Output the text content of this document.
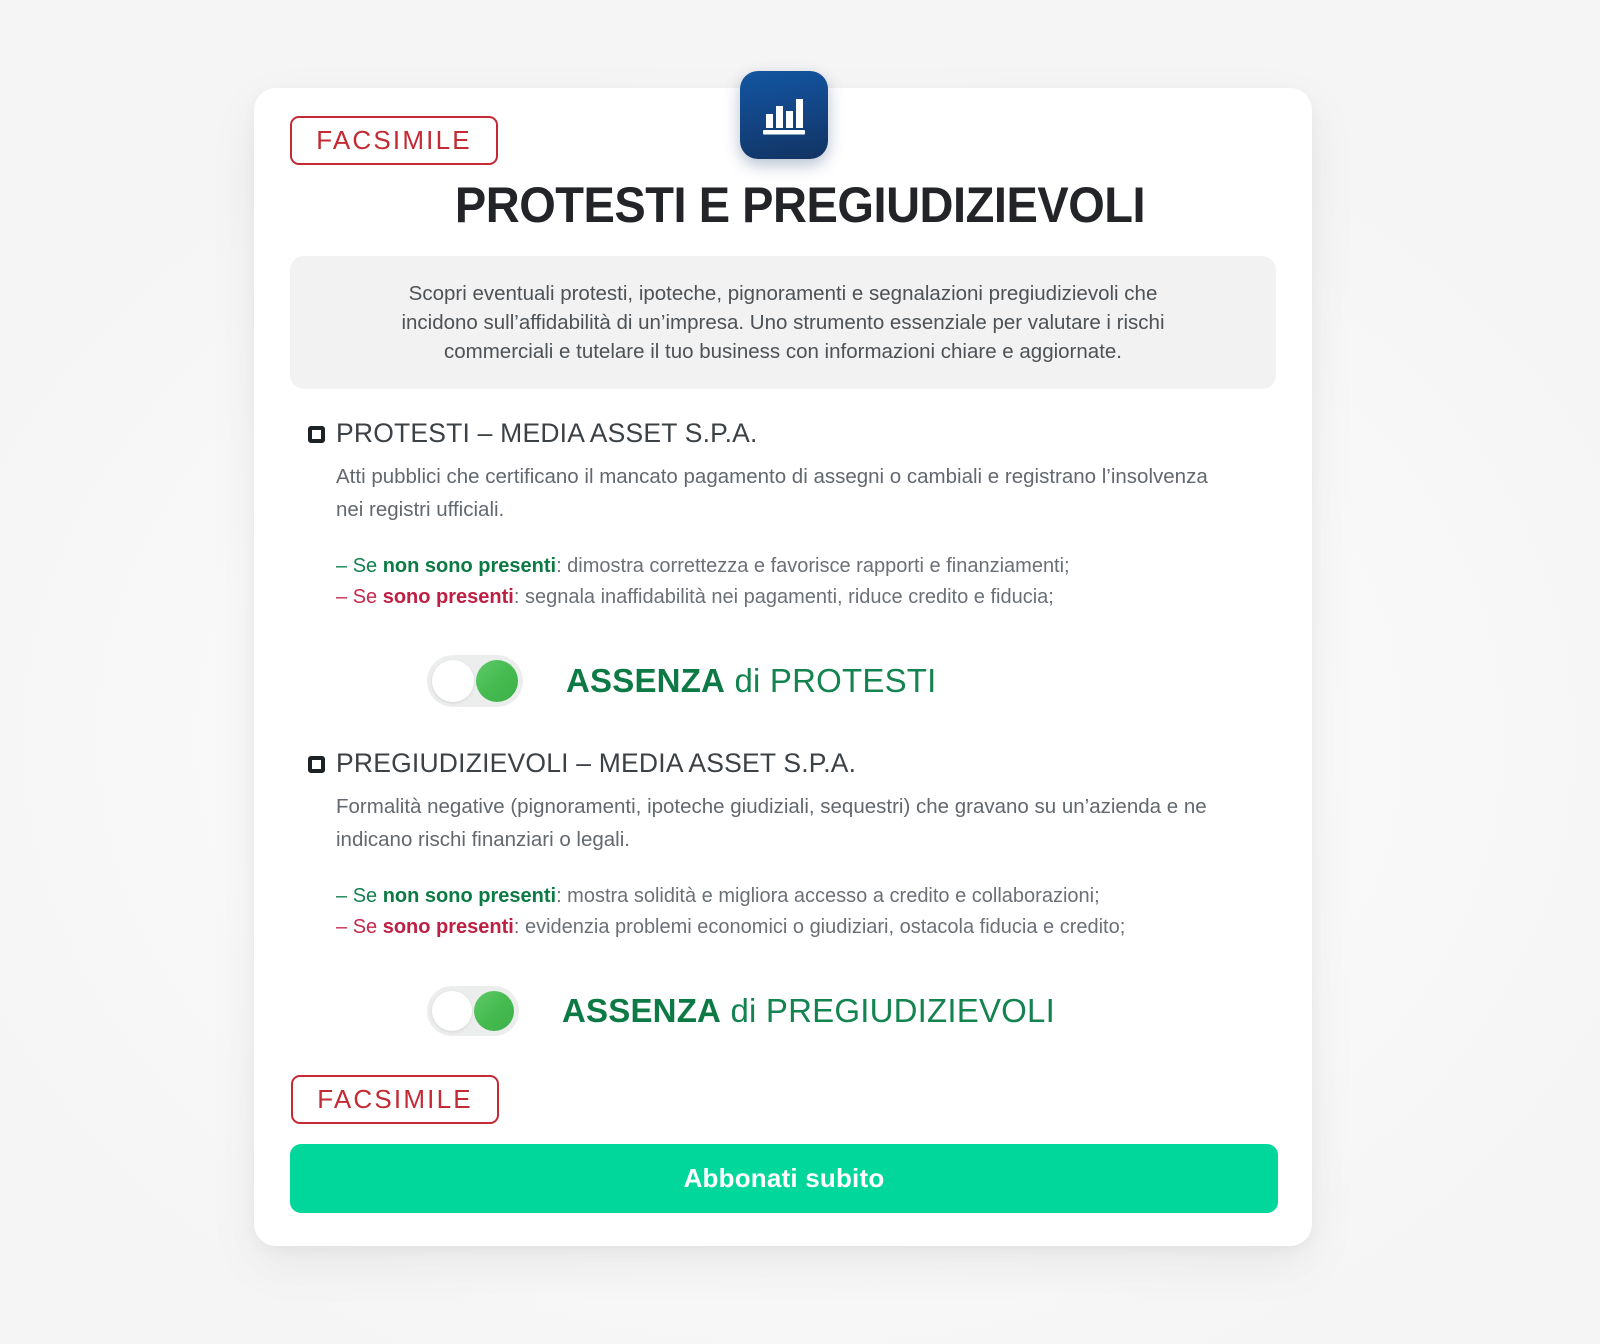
FACSIMILE
PROTESTI E PREGIUDIZIEVOLI

Scopri eventuali protesti, ipoteche, pignoramenti e segnalazioni pregiudizievoli che incidono sull’affidabilità di un’impresa. Uno strumento essenziale per valutare i rischi commerciali e tutelare il tuo business con informazioni chiare e aggiornate.

PROTESTI – MEDIA ASSET S.P.A.
Atti pubblici che certificano il mancato pagamento di assegni o cambiali e registrano l’insolvenza nei registri ufficiali.
– Se non sono presenti: dimostra correttezza e favorisce rapporti e finanziamenti;
– Se sono presenti: segnala inaffidabilità nei pagamenti, riduce credito e fiducia;
ASSENZA di PROTESTI
PREGIUDIZIEVOLI – MEDIA ASSET S.P.A.
Formalità negative (pignoramenti, ipoteche giudiziali, sequestri) che gravano su un’azienda e ne indicano rischi finanziari o legali.
– Se non sono presenti: mostra solidità e migliora accesso a credito e collaborazioni;
– Se sono presenti: evidenzia problemi economici o giudiziari, ostacola fiducia e credito;
ASSENZA di PREGIUDIZIEVOLI
FACSIMILE
Abbonati subito
